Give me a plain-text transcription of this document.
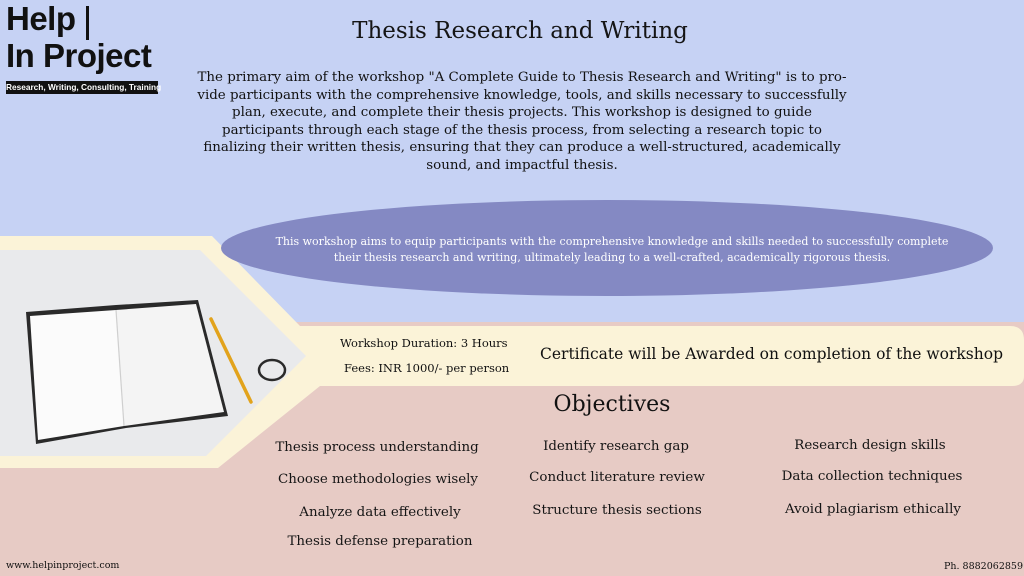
Help
In Project
Research, Writing, Consulting, Training
Thesis Research and Writing
The primary aim of the workshop "A Complete Guide to Thesis Research and Writing" is to pro-vide participants with the comprehensive knowledge, tools, and skills necessary to successfully plan, execute, and complete their thesis projects. This workshop is designed to guide participants through each stage of the thesis process, from selecting a research topic to finalizing their written thesis, ensuring that they can produce a well-structured, academically sound, and impactful thesis.
This workshop aims to equip participants with the comprehensive knowledge and skills needed to successfully complete their thesis research and writing, ultimately leading to a well-crafted, academically rigorous thesis.
Workshop Duration: 3 Hours
Fees: INR 1000/- per person
Certificate will be Awarded on completion of the workshop
Objectives
Thesis process understanding	Identify research gap	Research design skills
Choose methodologies wisely	Conduct literature review	Data collection techniques
Analyze data effectively	Structure thesis sections	Avoid plagiarism ethically
Thesis defense preparation
www.helpinproject.com	Ph. 8882062859
